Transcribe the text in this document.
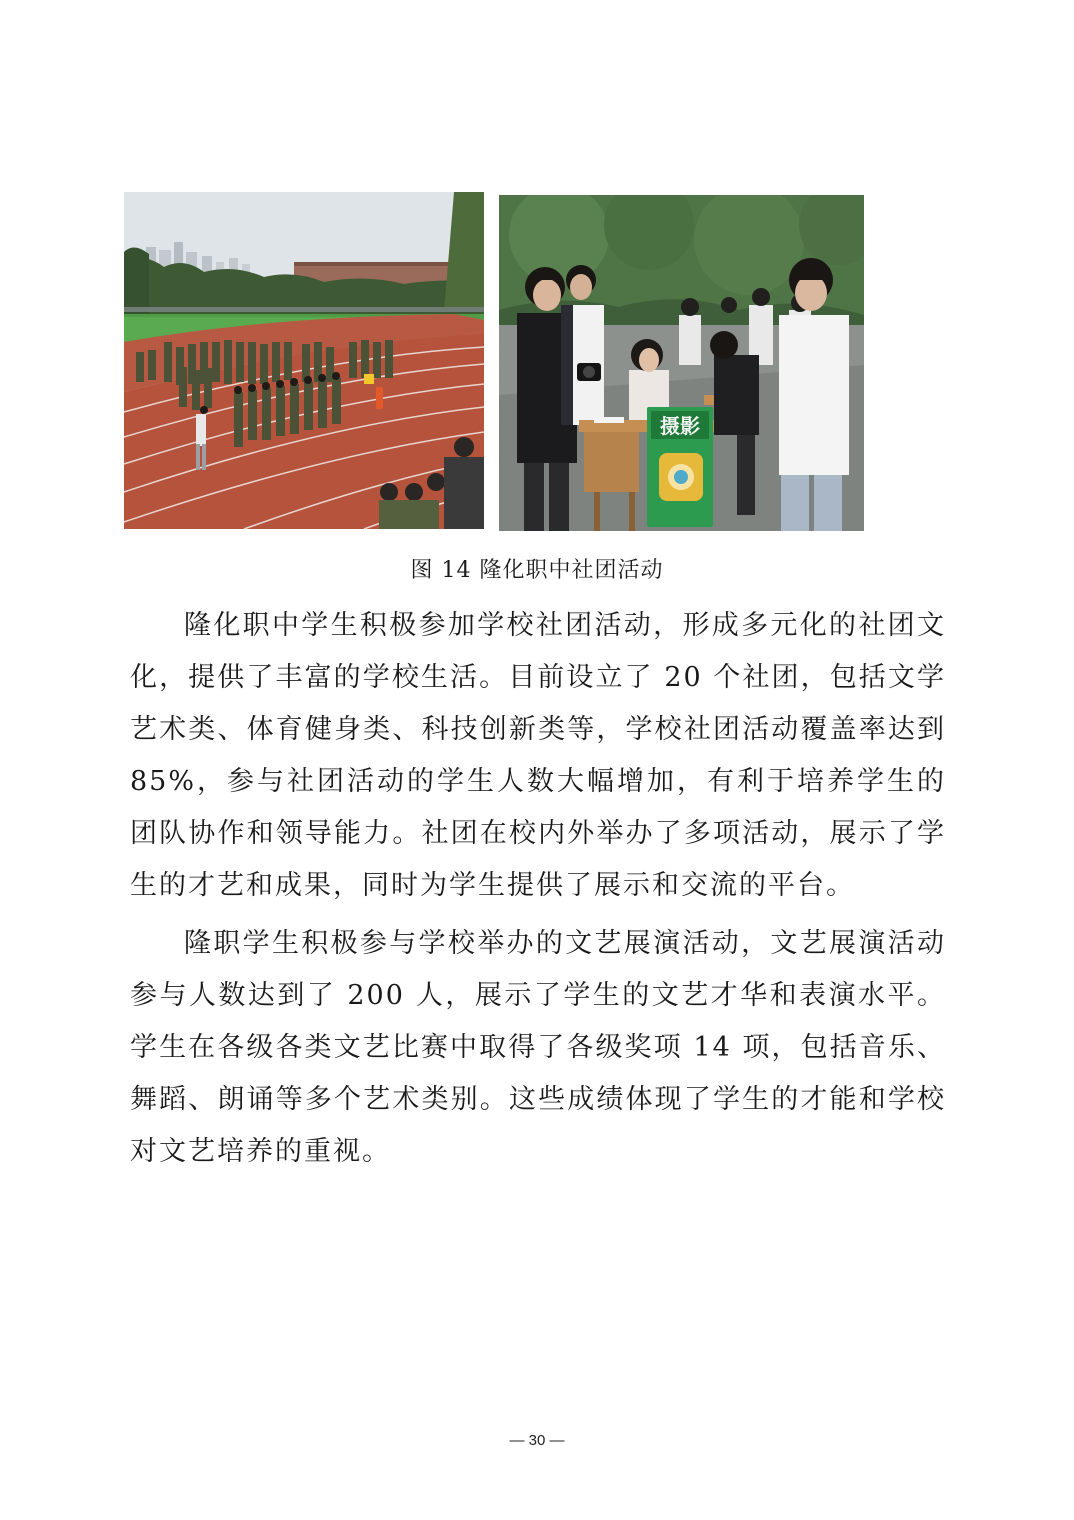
摄影
图 14 隆化职中社团活动

隆化职中学生积极参加学校社团活动，形成多元化的社团文化，提供了丰富的学校生活。目前设立了 20 个社团，包括文学艺术类、体育健身类、科技创新类等，学校社团活动覆盖率达到 85%，参与社团活动的学生人数大幅增加，有利于培养学生的团队协作和领导能力。社团在校内外举办了多项活动，展示了学生的才艺和成果，同时为学生提供了展示和交流的平台。

隆职学生积极参与学校举办的文艺展演活动，文艺展演活动参与人数达到了 200 人，展示了学生的文艺才华和表演水平。学生在各级各类文艺比赛中取得了各级奖项 14 项，包括音乐、舞蹈、朗诵等多个艺术类别。这些成绩体现了学生的才能和学校对文艺培养的重视。

— 30 —
